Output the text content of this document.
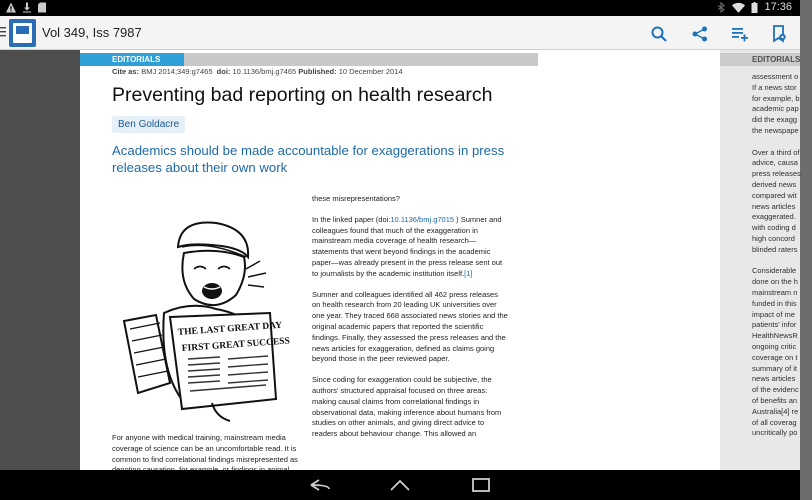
17:36
Vol 349, Iss 7987
EDITORIALS
Cite as: BMJ 2014;349:g7465 doi: 10.1136/bmj.g7465 Published: 10 December 2014
Preventing bad reporting on health research
Ben Goldacre
Academics should be made accountable for exaggerations in press releases about their own work
THE LAST GREAT DAY
FIRST GREAT SUCCESS
For anyone with medical training, mainstream media coverage of science can be an uncomfortable read. It is common to find correlational findings misrepresented as

these misrepresentations?

In the linked paper (doi:10.1136/bmj.g7015 ) Sumner and colleagues found that much of the exaggeration in mainstream media coverage of health research—statements that went beyond findings in the academic paper—was already present in the press release sent out to journalists by the academic institution itself.[1]

Sumner and colleagues identified all 462 press releases on health research from 20 leading UK universities over one year. They traced 668 associated news stories and the original academic papers that reported the scientific findings. Finally, they assessed the press releases and the news articles for exaggeration, defined as claims going beyond those in the peer reviewed paper.

Since coding for exaggeration could be subjective, the authors' structured appraisal focused on three areas: making causal claims from correlational findings in observational data, making inference about humans from studies on other animals, and giving direct advice to readers about behaviour change. This allowed an

EDITORIALS

assessment o
If a news stor
for example, b
academic pap
did the exagg
the newspape

Over a third of
advice, causa
press releases
derived news
compared wit
news articles
exaggerated.
with coding d
high concord
blinded raters

Considerable
done on the h
mainstream n
funded in this
impact of me
patients' infor
HealthNewsR
ongoing critic
coverage on t
summary of it
news articles
of the evidenc
of benefits an
Australia[4] re
of all coverag
uncritically po
